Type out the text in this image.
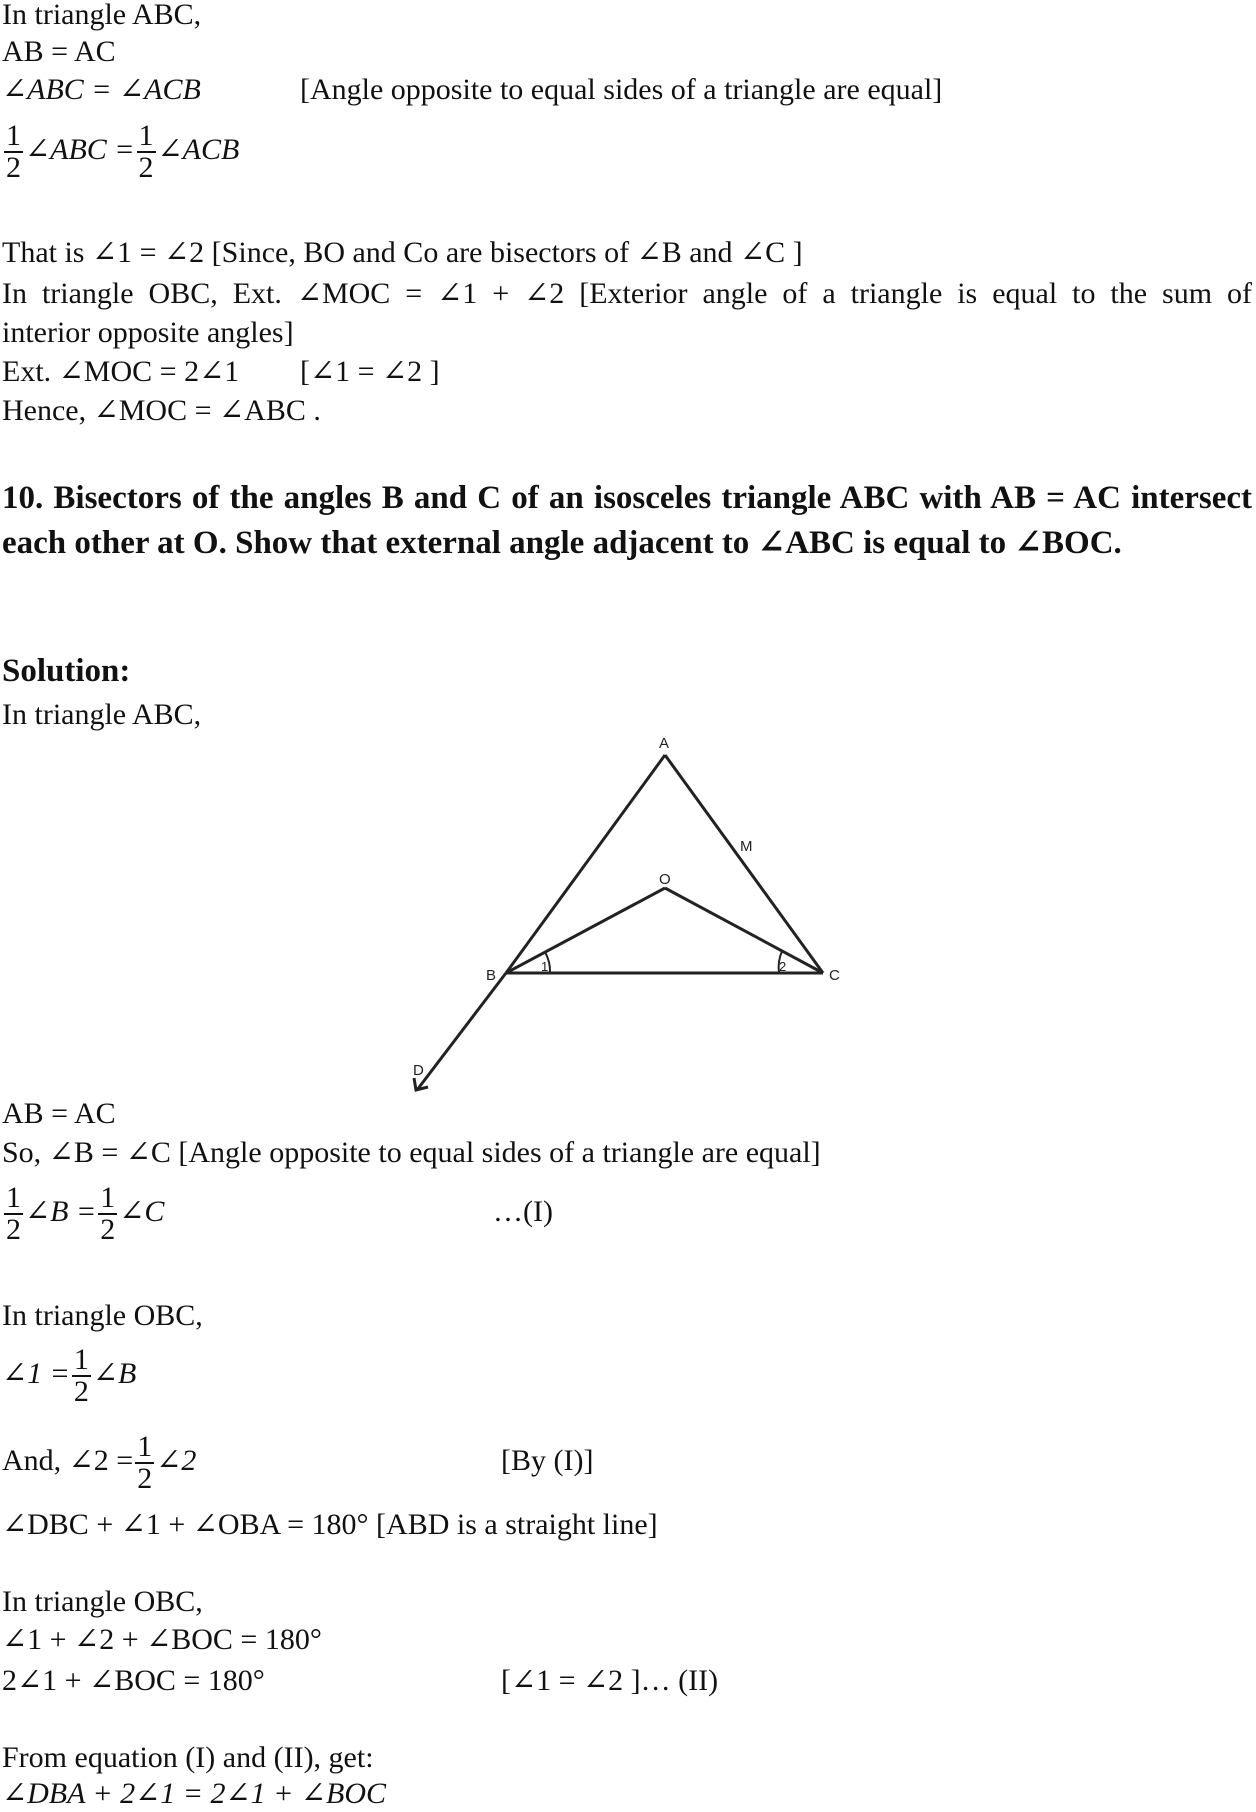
In triangle ABC,
AB = AC
∠ABC = ∠ACB	[Angle opposite to equal sides of a triangle are equal]
$\frac{1}{2}$ ∠ABC = $\frac{1}{2}$ ∠ACB
That is ∠1 = ∠2 [Since, BO and Co are bisectors of ∠B and ∠C ]
In triangle OBC, Ext. ∠MOC = ∠1 + ∠2 [Exterior angle of a triangle is equal to the sum of
interior opposite angles]
Ext. ∠MOC = 2∠1 [∠1 = ∠2 ]
Hence, ∠MOC = ∠ABC .
10. Bisectors of the angles B and C of an isosceles triangle ABC with AB = AC intersect each other at O. Show that external angle adjacent to ∠ABC is equal to ∠BOC.
Solution:
In triangle ABC,
A
B	C
O
M
D
1	2
AB = AC
So, ∠B = ∠C [Angle opposite to equal sides of a triangle are equal]
$\frac{1}{2}$ ∠B = $\frac{1}{2}$ ∠C	…(I)
In triangle OBC,
∠1 = $\frac{1}{2}$ ∠B
And, ∠2 = $\frac{1}{2}$ ∠2	[By (I)]
∠DBC + ∠1 + ∠OBA = 180° [ABD is a straight line]
In triangle OBC,
∠1 + ∠2 + ∠BOC = 180°
2∠1 + ∠BOC = 180°	[∠1 = ∠2 ]… (II)
From equation (I) and (II), get:
∠DBA + 2∠1 = 2∠1 + ∠BOC
